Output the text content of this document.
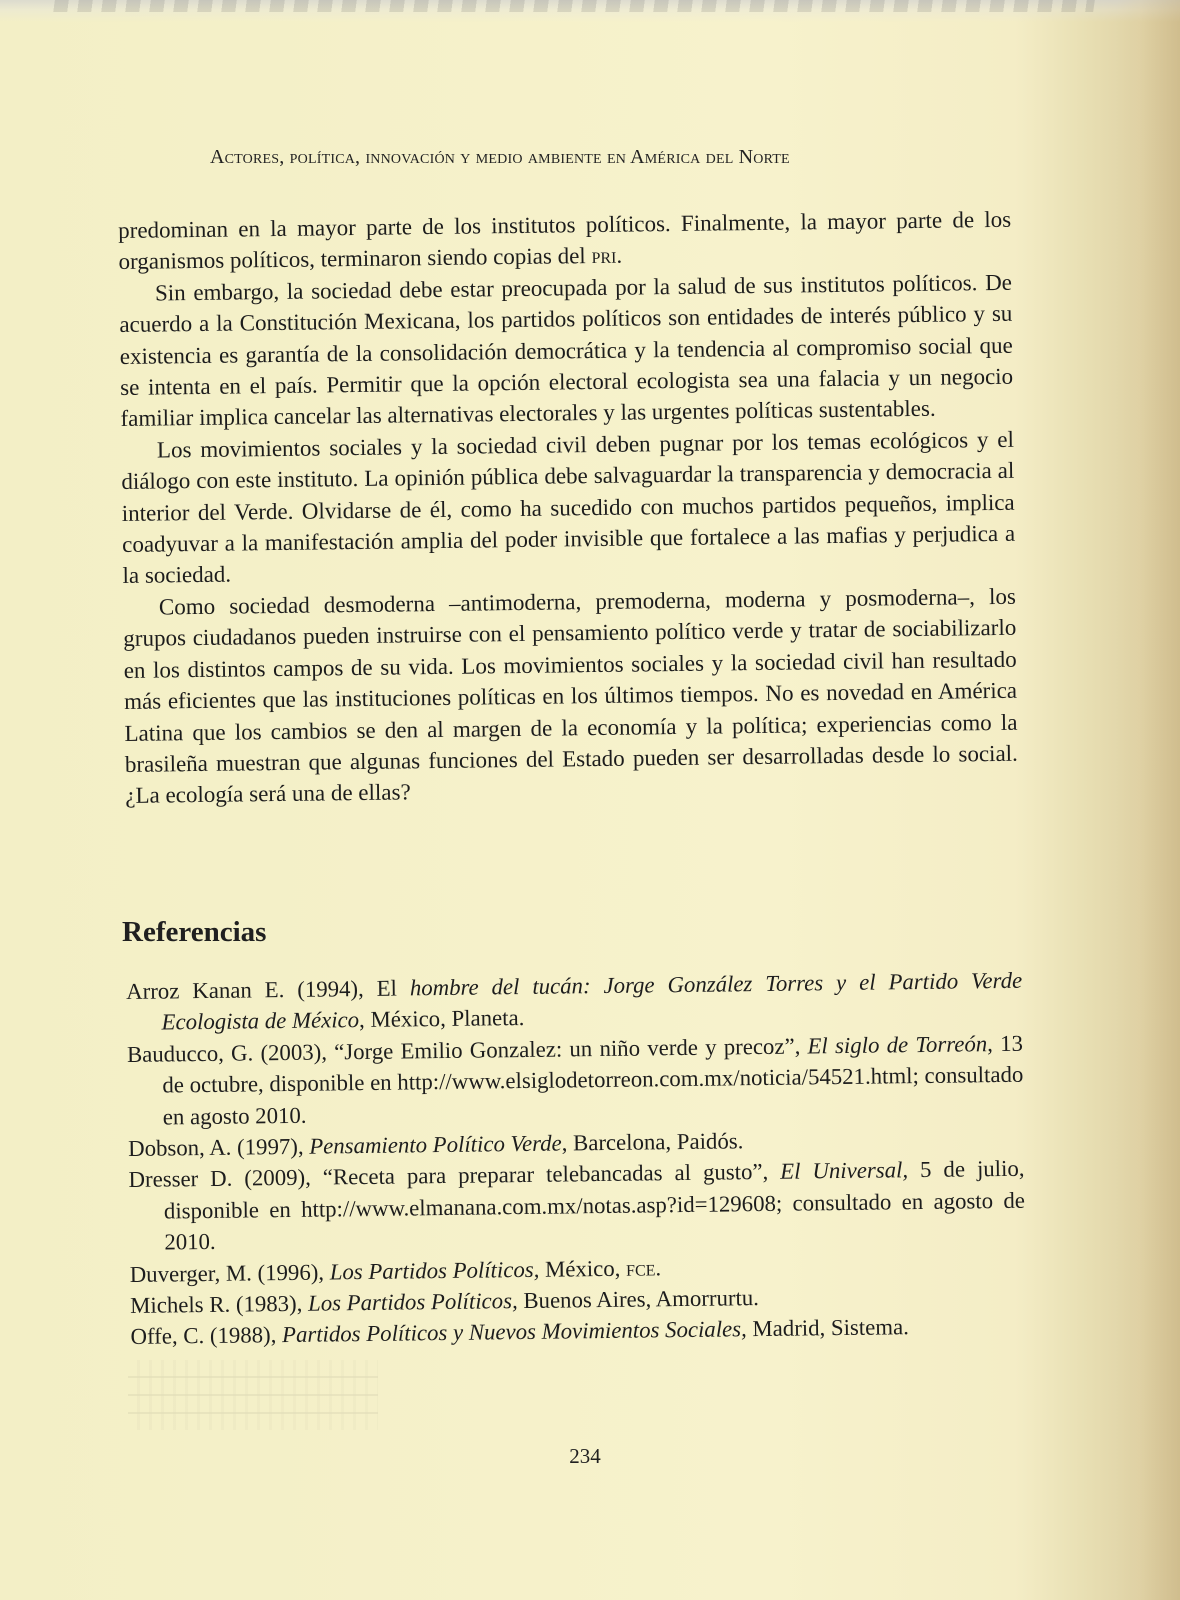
Actores, política, innovación y medio ambiente en América del Norte

predominan en la mayor parte de los institutos políticos. Finalmente, la mayor parte de los organismos políticos, terminaron siendo copias del pri.

Sin embargo, la sociedad debe estar preocupada por la salud de sus institutos políticos. De acuerdo a la Constitución Mexicana, los partidos políticos son entidades de interés público y su existencia es garantía de la consolidación democrática y la tendencia al compromiso social que se intenta en el país. Permitir que la opción electoral ecologista sea una falacia y un negocio familiar implica cancelar las alternativas electorales y las urgentes políticas sustentables.

Los movimientos sociales y la sociedad civil deben pugnar por los temas ecológicos y el diálogo con este instituto. La opinión pública debe salvaguardar la transparencia y democracia al interior del Verde. Olvidarse de él, como ha sucedido con muchos partidos pequeños, implica coadyuvar a la manifestación amplia del poder invisible que fortalece a las mafias y perjudica a la sociedad.

Como sociedad desmoderna –antimoderna, premoderna, moderna y posmoderna–, los grupos ciudadanos pueden instruirse con el pensamiento político verde y tratar de sociabilizarlo en los distintos campos de su vida. Los movimientos sociales y la sociedad civil han resultado más eficientes que las instituciones políticas en los últimos tiempos. No es novedad en América Latina que los cambios se den al margen de la economía y la política; experiencias como la brasileña muestran que algunas funciones del Estado pueden ser desarrolladas desde lo social. ¿La ecología será una de ellas?

Referencias

Arroz Kanan E. (1994), El hombre del tucán: Jorge González Torres y el Partido Verde Ecologista de México, México, Planeta.

Bauducco, G. (2003), “Jorge Emilio Gonzalez: un niño verde y precoz”, El siglo de Torreón, 13 de octubre, disponible en http://www.elsiglodetorreon.com.mx/noticia/54521.html; consultado en agosto 2010.

Dobson, A. (1997), Pensamiento Político Verde, Barcelona, Paidós.

Dresser D. (2009), “Receta para preparar telebancadas al gusto”, El Universal, 5 de julio, disponible en http://www.elmanana.com.mx/notas.asp?id=129608; consultado en agosto de 2010.

Duverger, M. (1996), Los Partidos Políticos, México, fce.

Michels R. (1983), Los Partidos Políticos, Buenos Aires, Amorrurtu.

Offe, C. (1988), Partidos Políticos y Nuevos Movimientos Sociales, Madrid, Sistema.

234
